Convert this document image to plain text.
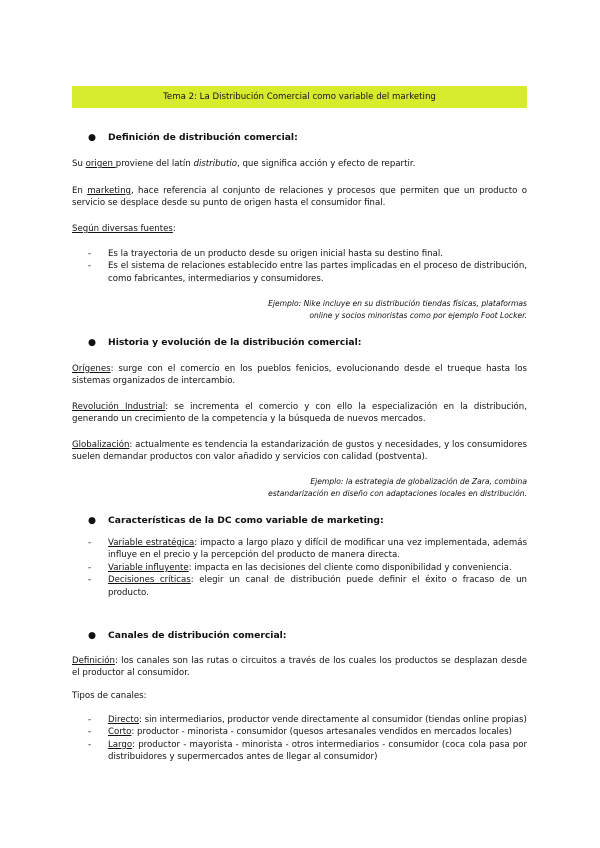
Tema 2: La Distribución Comercial como variable del marketing
● Definición de distribución comercial:
Su origen proviene del latín distributio, que significa acción y efecto de repartir.
En marketing, hace referencia al conjunto de relaciones y procesos que permiten que un producto o servicio se desplace desde su punto de origen hasta el consumidor final.
Según diversas fuentes:
- Es la trayectoria de un producto desde su origen inicial hasta su destino final.
- Es el sistema de relaciones establecido entre las partes implicadas en el proceso de distribución, como fabricantes, intermediarios y consumidores.
Ejemplo: Nike incluye en su distribución tiendas físicas, plataformas
online y socios minoristas como por ejemplo Foot Locker.
● Historia y evolución de la distribución comercial:
Orígenes: surge con el comercio en los pueblos fenicios, evolucionando desde el trueque hasta los sistemas organizados de intercambio.
Revolución Industrial: se incrementa el comercio y con ello la especialización en la distribución, generando un crecimiento de la competencia y la búsqueda de nuevos mercados.
Globalización: actualmente es tendencia la estandarización de gustos y necesidades, y los consumidores suelen demandar productos con valor añadido y servicios con calidad (postventa).
Ejemplo: la estrategia de globalización de Zara, combina
estandarización en diseño con adaptaciones locales en distribución.
● Características de la DC como variable de marketing:
- Variable estratégica: impacto a largo plazo y difícil de modificar una vez implementada, además influye en el precio y la percepción del producto de manera directa.
- Variable influyente: impacta en las decisiones del cliente como disponibilidad y conveniencia.
- Decisiones críticas: elegir un canal de distribución puede definir el éxito o fracaso de un producto.
● Canales de distribución comercial:
Definición: los canales son las rutas o circuitos a través de los cuales los productos se desplazan desde el productor al consumidor.
Tipos de canales:
- Directo: sin intermediarios, productor vende directamente al consumidor (tiendas online propias)
- Corto: productor - minorista - consumidor (quesos artesanales vendidos en mercados locales)
- Largo: productor - mayorista - minorista - otros intermediarios - consumidor (coca cola pasa por distribuidores y supermercados antes de llegar al consumidor)
